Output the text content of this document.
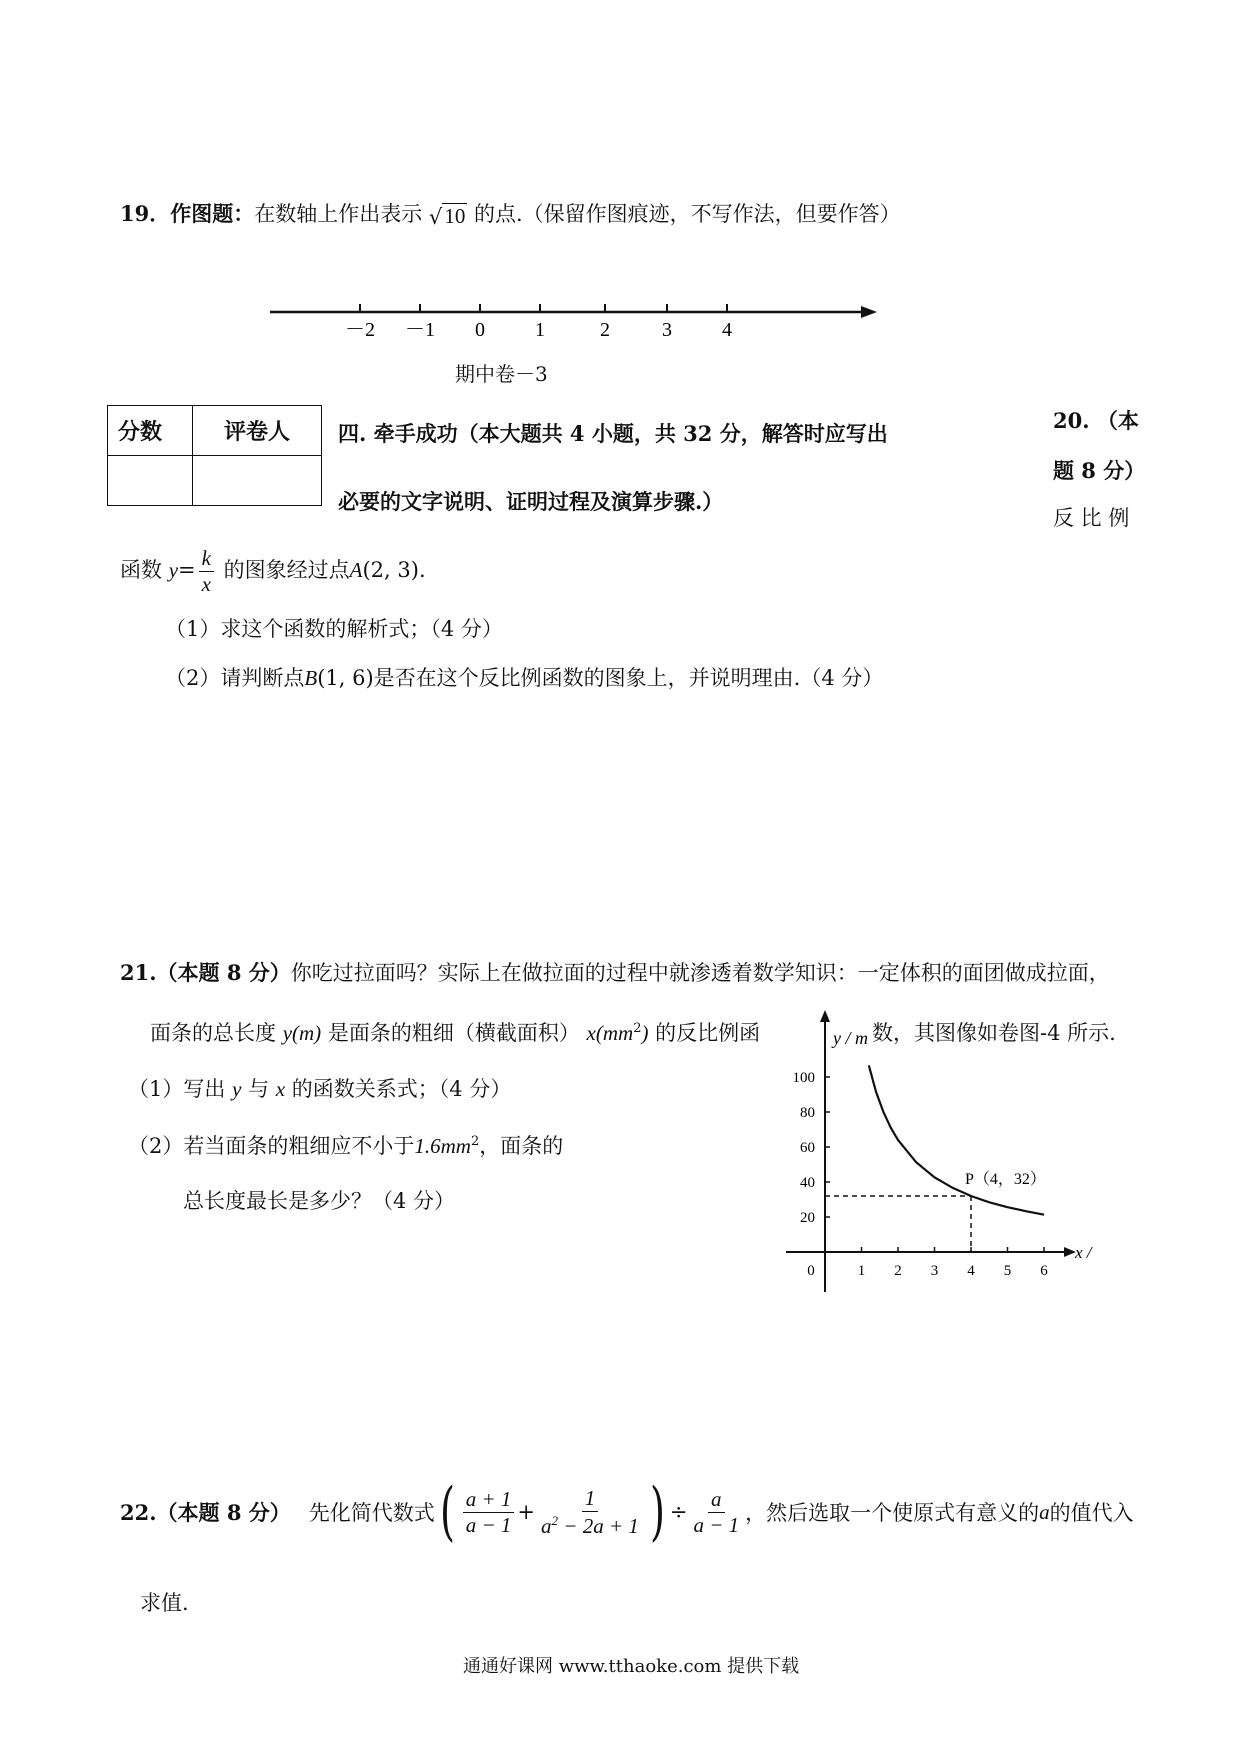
19．作图题：在数轴上作出表示 √ 10 的点.（保留作图痕迹，不写作法，但要作答）
－2 －1 0	1	2	3	4
期中卷－3
分数	评卷人
	四. 牵手成功（本大题共 4 小题，共 32 分，解答时应写出
必要的文字说明、证明过程及演算步骤.）
20. （本
题 8 分）
反 比 例
函数 $y= \frac{k}{x}$ 的图象经过点A(2, 3).
（1）求这个函数的解析式；（4 分）
（2）请判断点B(1, 6)是否在这个反比例函数的图象上，并说明理由.（4 分）
21.（本题 8 分）你吃过拉面吗？实际上在做拉面的过程中就渗透着数学知识：一定体积的面团做成拉面，
面条的总长度 y(m) 是面条的粗细（横截面积） $x(mm^2)$ 的反比例函	数，其图像如卷图-4 所示.
（1）写出 y 与 x 的函数关系式；（4 分）
（2）若当面条的粗细应不小于$1.6mm^2$，面条的
总长度最长是多少？（4 分）
y / m
x /
0	1 2 3 4 5 6
20
40
60
80
100
P（4，32）
22. （本题 8 分） 先化简代数式 ( $\frac{a + 1}{a - 1} + \frac{1}{a^2 - 2a + 1}$ ) ÷ $\frac{a}{a - 1}$ ，然后选取一个使原式有意义的 a 的值代入
求值.
通通好课网 www.tthaoke.com 提供下载
